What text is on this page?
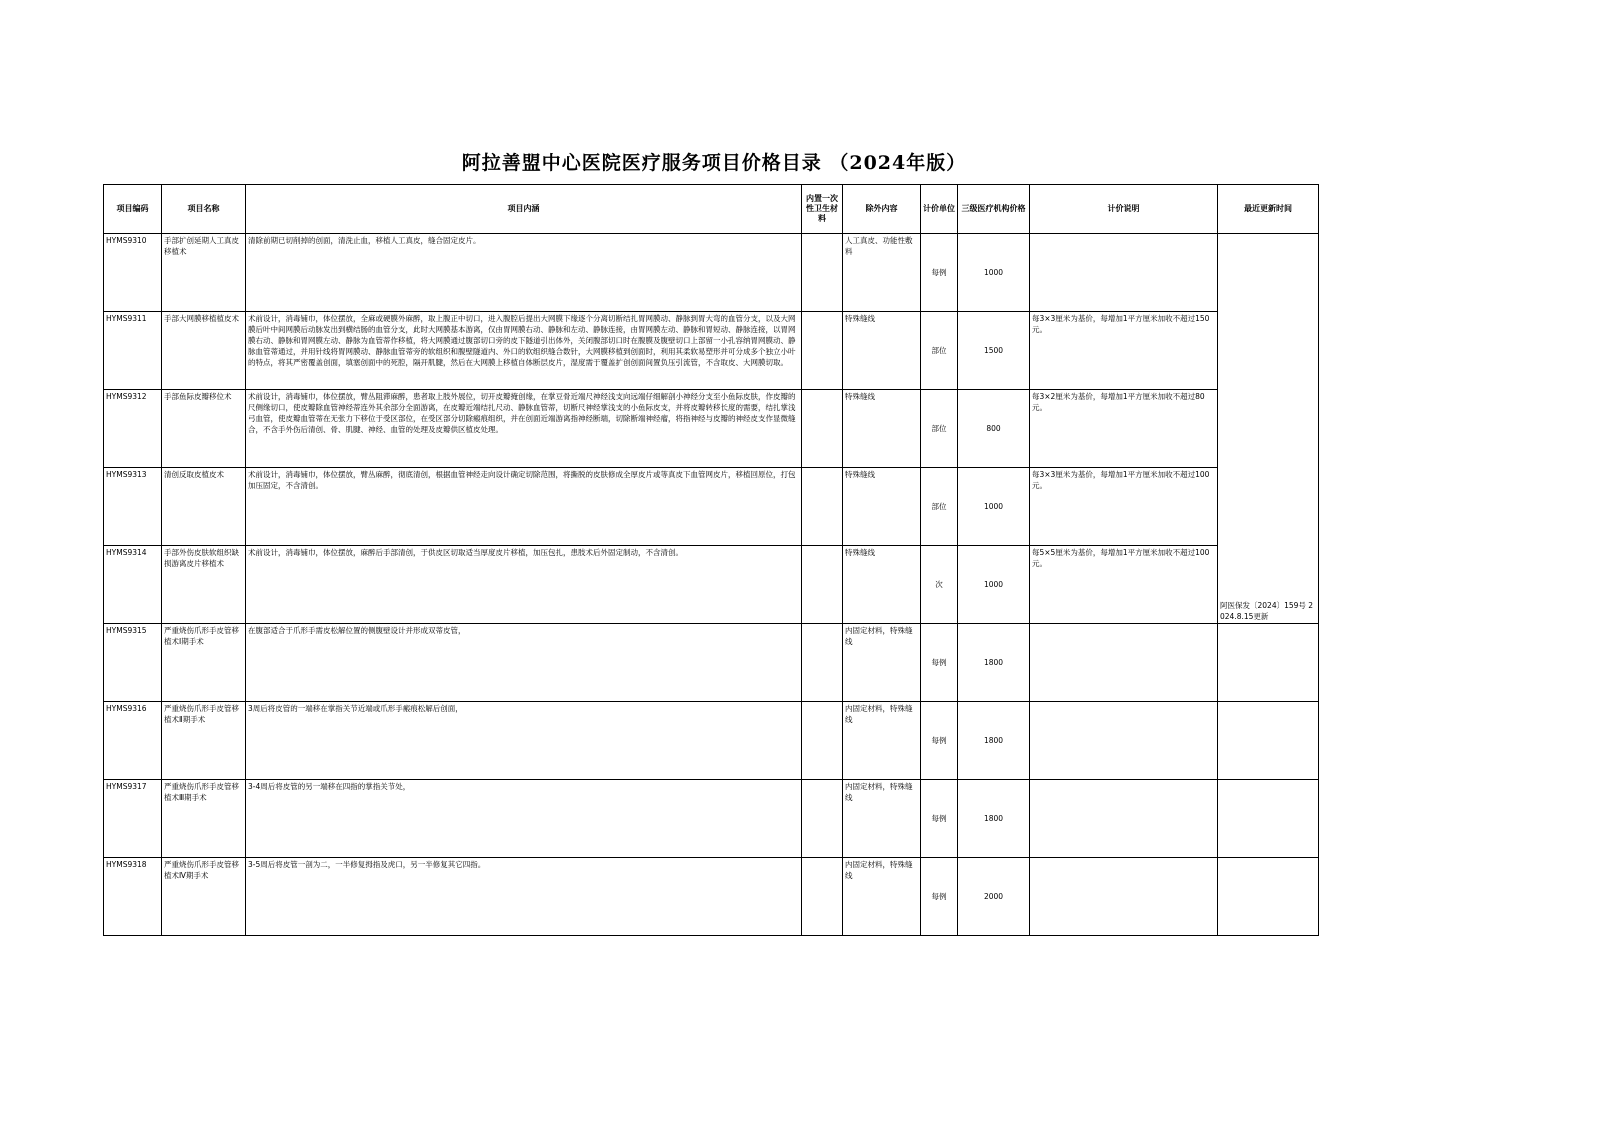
阿拉善盟中心医院医疗服务项目价格目录 （2024年版）
项目编码	项目名称	项目内涵	内置一次性卫生材料	除外内容	计价单位	三级医疗机构价格	计价说明	最近更新时间
HYMS9310	手部扩创延期人工真皮移植术	清除前期已切削掉的创面，清洗止血，移植人工真皮，缝合固定皮片。		人工真皮、功能性敷料	每例	1000		阿医保发〔2024〕159号 2024.8.15更新
HYMS9311	手部大网膜移植植皮术	术前设计，消毒铺巾，体位摆放，全麻或硬膜外麻醉，取上腹正中切口，进入腹腔后提出大网膜下缘逐个分离切断结扎胃网膜动、静脉到胃大弯的血管分支，以及大网膜后叶中间网膜后动脉发出到横结肠的血管分支，此时大网膜基本游离，仅由胃网膜右动、静脉和左动、静脉连接，由胃网膜左动、静脉和胃短动、静脉连接，以胃网膜右动、静脉和胃网膜左动、静脉为血管蒂作移植，将大网膜通过腹部切口旁的皮下隧道引出体外，关闭腹部切口时在腹膜及腹壁切口上部留一小孔容纳胃网膜动、静脉血管蒂通过，并用针线将胃网膜动、静脉血管蒂旁的软组织和腹壁隧道内、外口的软组织缝合数针，大网膜移植到创面时，利用其柔软易塑形并可分成多个独立小叶的特点，将其严密覆盖创面，填塞创面中的死腔，隔开肌腱，然后在大网膜上移植自体断层皮片，湿度需于覆盖扩创创面间置负压引流管，不含取皮、大网膜切取。		特殊缝线	部位	1500	每3×3厘米为基价，每增加1平方厘米加收不超过150元。	
HYMS9312	手部鱼际皮瓣移位术	术前设计，消毒铺巾，体位摆放，臂丛阻滞麻醉，患者取上肢外展位，切开皮瓣掩创缘，在掌豆骨近端尺神经浅支向远端仔细解剖小神经分支至小鱼际皮肤，作皮瓣的尺侧缘切口，使皮瓣除血管神经蒂连外其余部分全面游离，在皮瓣近端结扎尺动、静脉血管蒂，切断尺神经掌浅支的小鱼际皮支，并将皮瓣转移长度的需要，结扎掌浅弓血管，使皮瓣血管蒂在无张力下移位于受区部位，在受区部分切除瘢痕组织，并在创面近端游离指神经断端，切除断端神经瘤，将指神经与皮瓣的神经皮支作显微缝合，不含手外伤后清创、骨、肌腱、神经、血管的处理及皮瓣供区植皮处理。		特殊缝线	部位	800	每3×2厘米为基价，每增加1平方厘米加收不超过80元。	
HYMS9313	清创反取皮植皮术	术前设计，消毒铺巾，体位摆放，臂丛麻醉，彻底清创，根据血管神经走向设计确定切除范围，将撕脱的皮肤修成全厚皮片或等真皮下血管网皮片，移植回原位，打包加压固定，不含清创。		特殊缝线	部位	1000	每3×3厘米为基价，每增加1平方厘米加收不超过100元。	
HYMS9314	手部外伤皮肤软组织缺损游离皮片移植术	术前设计，消毒铺巾，体位摆放，麻醉后手部清创，于供皮区切取适当厚度皮片移植，加压包扎，患肢术后外固定制动，不含清创。		特殊缝线	次	1000	每5×5厘米为基价，每增加1平方厘米加收不超过100元。	
HYMS9315	严重烧伤爪形手皮管移植术Ⅰ期手术	在腹部适合于爪形手需皮松解位置的侧腹壁设计并形成双蒂皮管，		内固定材料，特殊缝线	每例	1800		
HYMS9316	严重烧伤爪形手皮管移植术Ⅱ期手术	3周后将皮管的一端移在掌指关节近端或爪形手瘢痕松解后创面，		内固定材料，特殊缝线	每例	1800		
HYMS9317	严重烧伤爪形手皮管移植术Ⅲ期手术	3-4周后将皮管的另一端移在四指的掌指关节处，		内固定材料，特殊缝线	每例	1800		
HYMS9318	严重烧伤爪形手皮管移植术Ⅳ期手术	3-5周后将皮管一剖为二，一半修复拇指及虎口，另一半修复其它四指。		内固定材料，特殊缝线	每例	2000		
